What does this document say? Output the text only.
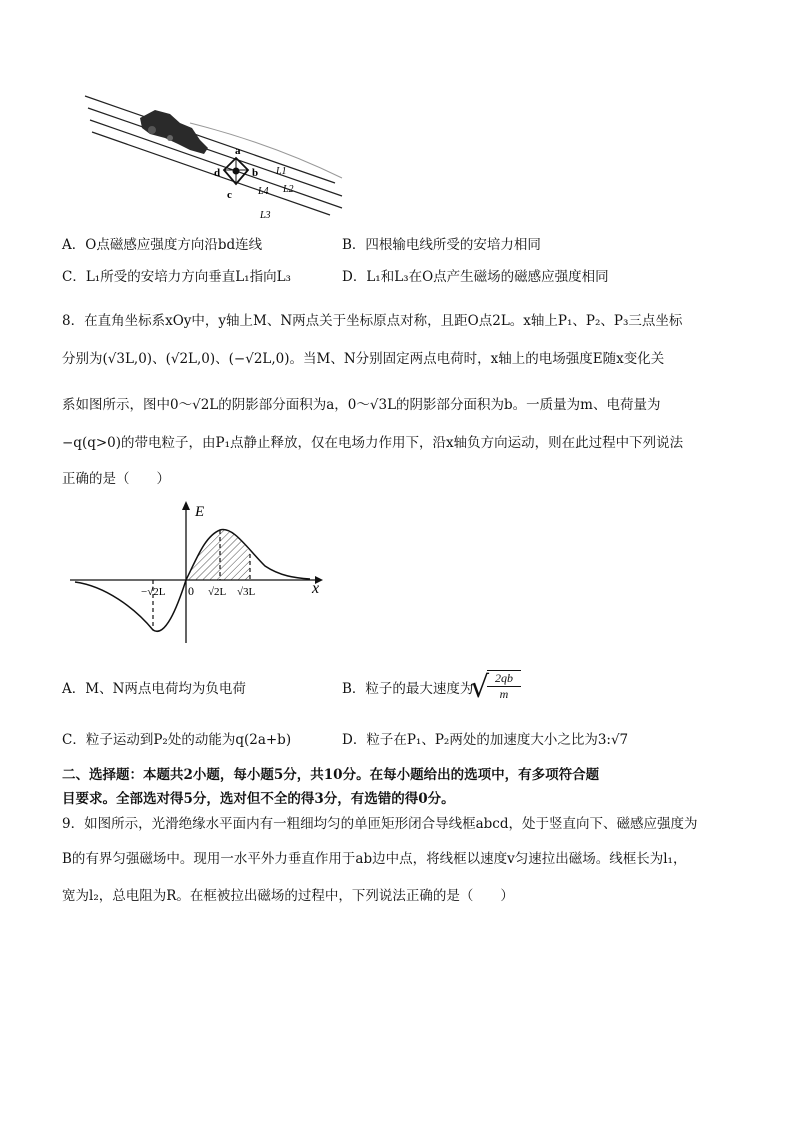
a
b
c
d	L1
L4 L2
L3
A．O点磁感应强度方向沿bd连线	B．四根输电线所受的安培力相同
C．L₁所受的安培力方向垂直L₁指向L₃	D．L₁和L₃在O点产生磁场的磁感应强度相同
8．在直角坐标系xOy中，y轴上M、N两点关于坐标原点对称，且距O点2L。x轴上P₁、P₂、P₃三点坐标
分别为(√3L,0)、(√2L,0)、(−√2L,0)。当M、N分别固定两点电荷时，x轴上的电场强度E随x变化关
系如图所示，图中0～√2L的阴影部分面积为a，0～√3L的阴影部分面积为b。一质量为m、电荷量为
−q(q>0)的带电粒子，由P₁点静止释放，仅在电场力作用下，沿x轴负方向运动，则在此过程中下列说法
正确的是（　　）
E
x
0
−√2L	√2L √3L
A．M、N两点电荷均为负电荷	B．粒子的最大速度为
√
$\frac{2qb}{m}$
C．粒子运动到P₂处的动能为q(2a+b)	D．粒子在P₁、P₂两处的加速度大小之比为3:√7
二、选择题：本题共2小题，每小题5分，共10分。在每小题给出的选项中，有多项符合题
目要求。全部选对得5分，选对但不全的得3分，有选错的得0分。
9．如图所示，光滑绝缘水平面内有一粗细均匀的单匝矩形闭合导线框abcd，处于竖直向下、磁感应强度为
B的有界匀强磁场中。现用一水平外力垂直作用于ab边中点，将线框以速度v匀速拉出磁场。线框长为l₁，
宽为l₂，总电阻为R。在框被拉出磁场的过程中，下列说法正确的是（　　）
